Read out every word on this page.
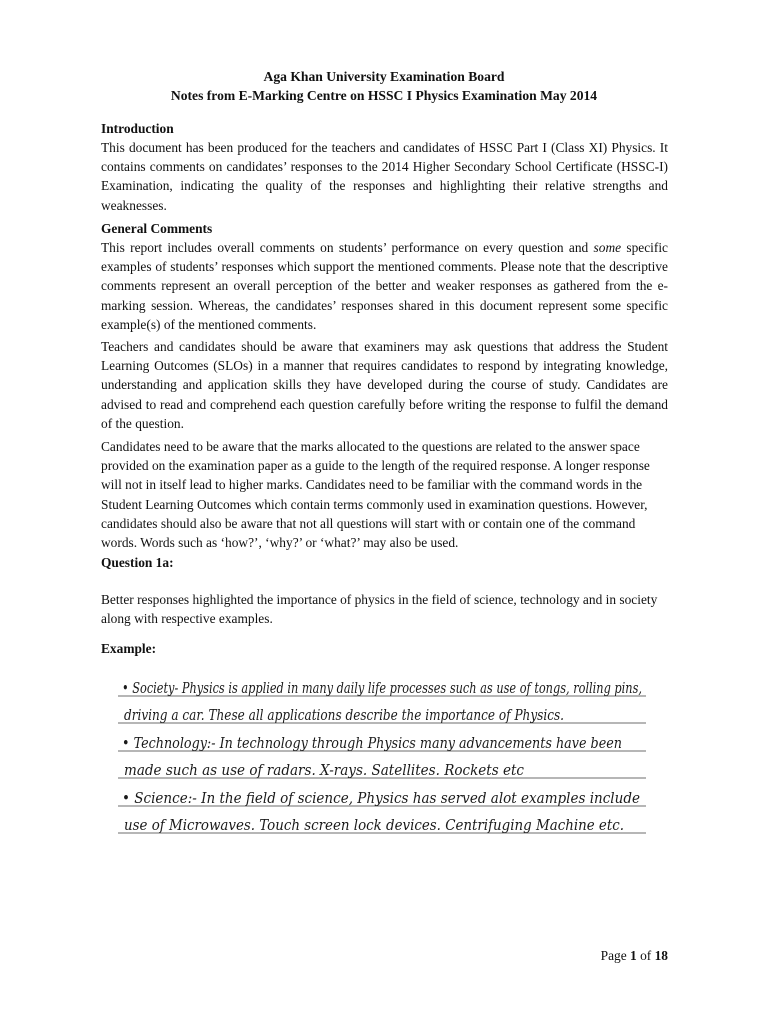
Aga Khan University Examination Board
Notes from E-Marking Centre on HSSC I Physics Examination May 2014
Introduction

This document has been produced for the teachers and candidates of HSSC Part I (Class XI) Physics. It contains comments on candidates’ responses to the 2014 Higher Secondary School Certificate (HSSC-I) Examination, indicating the quality of the responses and highlighting their relative strengths and weaknesses.

General Comments

This report includes overall comments on students’ performance on every question and some specific examples of students’ responses which support the mentioned comments. Please note that the descriptive comments represent an overall perception of the better and weaker responses as gathered from the e-marking session. Whereas, the candidates’ responses shared in this document represent some specific example(s) of the mentioned comments.

Teachers and candidates should be aware that examiners may ask questions that address the Student Learning Outcomes (SLOs) in a manner that requires candidates to respond by integrating knowledge, understanding and application skills they have developed during the course of study. Candidates are advised to read and comprehend each question carefully before writing the response to fulfil the demand of the question.

Candidates need to be aware that the marks allocated to the questions are related to the answer space provided on the examination paper as a guide to the length of the required response. A longer response will not in itself lead to higher marks. Candidates need to be familiar with the command words in the Student Learning Outcomes which contain terms commonly used in examination questions. However, candidates should also be aware that not all questions will start with or contain one of the command words. Words such as ‘how?’, ‘why?’ or ‘what?’ may also be used.

Question 1a:

Better responses highlighted the importance of physics in the field of science, technology and in society along with respective examples.

Example:
• Society- Physics is applied in many daily life processes such as use of tongs, rolling pins,
driving a car. These all applications describe the importance of Physics.
• Technology:- In technology through Physics many advancements have been
made such as use of radars. X-rays. Satellites. Rockets etc
• Science:- In the field of science, Physics has served alot examples include
use of Microwaves. Touch screen lock devices. Centrifuging Machine etc.
Page 1 of 18
